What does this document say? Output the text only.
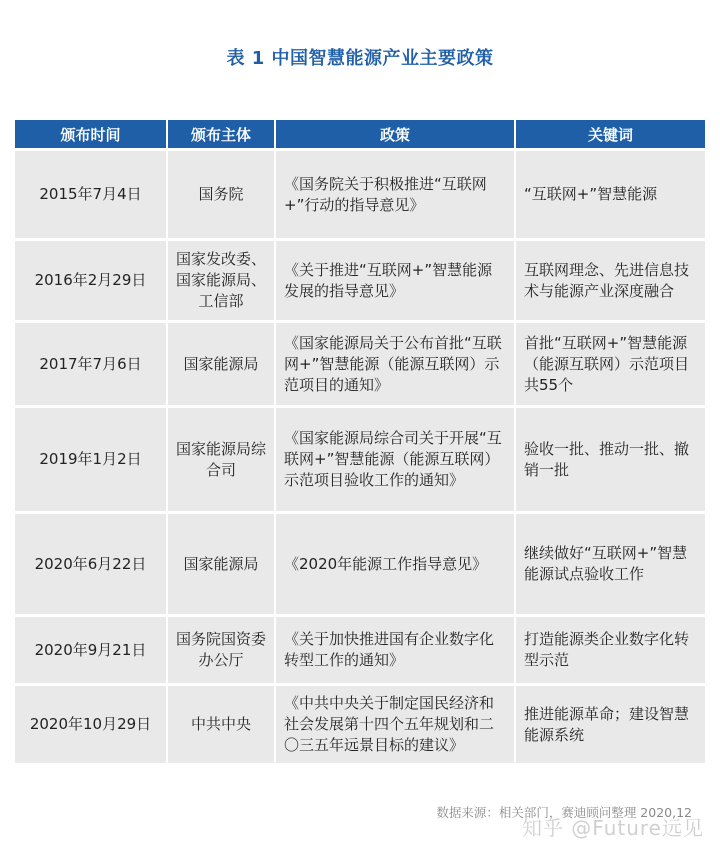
表 1 中国智慧能源产业主要政策
颁布时间	颁布主体	政策	关键词
2015年7月4日	国务院	《国务院关于积极推进“互联网+”行动的指导意见》	“互联网+”智慧能源
2016年2月29日	国家发改委、国家能源局、工信部	《关于推进“互联网+”智慧能源发展的指导意见》	互联网理念、先进信息技术与能源产业深度融合
2017年7月6日	国家能源局	《国家能源局关于公布首批“互联网+”智慧能源（能源互联网）示范项目的通知》	首批“互联网+”智慧能源（能源互联网）示范项目共55个
2019年1月2日	国家能源局综合司	《国家能源局综合司关于开展“互联网+”智慧能源（能源互联网）示范项目验收工作的通知》	验收一批、推动一批、撤销一批
2020年6月22日	国家能源局	《2020年能源工作指导意见》	继续做好“互联网+”智慧能源试点验收工作
2020年9月21日	国务院国资委办公厅	《关于加快推进国有企业数字化转型工作的通知》	打造能源类企业数字化转型示范
2020年10月29日	中共中央	《中共中央关于制定国民经济和社会发展第十四个五年规划和二〇三五年远景目标的建议》	推进能源革命；建设智慧能源系统
数据来源：相关部门，赛迪顾问整理 2020,12
知乎 @Future远见
